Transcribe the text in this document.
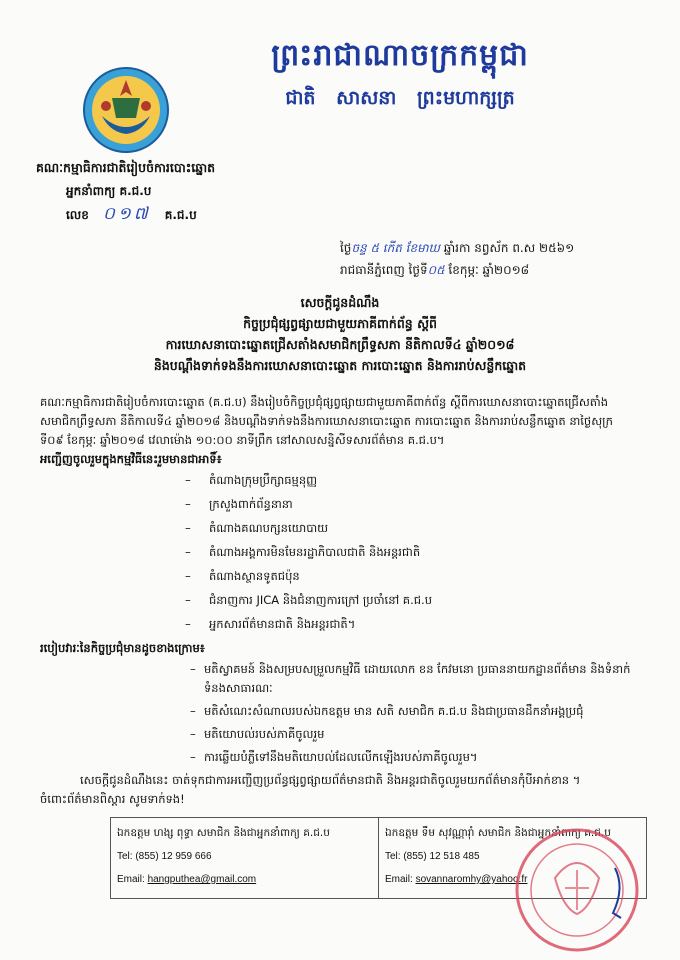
ព្រះរាជាណាចក្រកម្ពុជា
ជាតិ សាសនា ព្រះមហាក្សត្រ
គណៈកម្មាធិការជាតិរៀបចំការបោះឆ្នោត
អ្នកនាំពាក្យ គ.ជ.ប
លេខ ០១៧ គ.ជ.ប
ថ្ងៃចន្ទ ៥ កើត ខែមាឃ ឆ្នាំរកា នព្វស័ក ព.ស ២៥៦១
រាជធានីភ្នំពេញ ថ្ងៃទី០៥ ខែកុម្ភៈ ឆ្នាំ២០១៨
សេចក្ដីជូនដំណឹង
កិច្ចប្រជុំផ្សព្វផ្សាយជាមួយភាគីពាក់ព័ន្ធ ស្ដីពី
ការឃោសនាបោះឆ្នោតជ្រើសតាំងសមាជិកព្រឹទ្ធសភា នីតិកាលទី៤ ឆ្នាំ២០១៨
និងបណ្ដឹងទាក់ទងនឹងការឃោសនាបោះឆ្នោត ការបោះឆ្នោត និងការរាប់សន្លឹកឆ្នោត

គណៈកម្មាធិការជាតិរៀបចំការបោះឆ្នោត (គ.ជ.ប) នឹងរៀបចំកិច្ចប្រជុំផ្សព្វផ្សាយជាមួយភាគីពាក់ព័ន្ធ ស្ដីពីការឃោសនាបោះឆ្នោតជ្រើសតាំងសមាជិកព្រឹទ្ធសភា នីតិកាលទី៤ ឆ្នាំ២០១៨ និងបណ្ដឹងទាក់ទងនឹងការឃោសនាបោះឆ្នោត ការបោះឆ្នោត និងការរាប់សន្លឹកឆ្នោត នាថ្ងៃសុក្រ ទី០៩ ខែកុម្ភៈ ឆ្នាំ២០១៨ វេលាម៉ោង ១០:០០ នាទីព្រឹក នៅសាលសន្និសីទសារព័ត៌មាន គ.ជ.ប។

អញ្ជើញចូលរួមក្នុងកម្មវិធីនេះរួមមានជាអាទិ៍៖

– តំណាងក្រុមប្រឹក្សាធម្មនុញ្ញ
– ក្រសួងពាក់ព័ន្ធនានា
– តំណាងគណបក្សនយោបាយ
– តំណាងអង្គការមិនមែនរដ្ឋាភិបាលជាតិ និងអន្តរជាតិ
– តំណាងស្ថានទូតជប៉ុន
– ជំនាញការ JICA និងជំនាញការក្រៅ ប្រចាំនៅ គ.ជ.ប
– អ្នកសារព័ត៌មានជាតិ និងអន្តរជាតិ។

របៀបវារៈនៃកិច្ចប្រជុំមានដូចខាងក្រោម៖

– មតិស្វាគមន៍ និងសម្របសម្រួលកម្មវិធី ដោយលោក ខន កែវមនោ ប្រធាននាយកដ្ឋានព័ត៌មាន និងទំនាក់ទំនងសាធារណៈ
– មតិសំណេះសំណាលរបស់ឯកឧត្ដម មាន សតិ សមាជិក គ.ជ.ប និងជាប្រធានដឹកនាំអង្គប្រជុំ
– មតិយោបល់របស់ភាគីចូលរួម
– ការឆ្លើយបំភ្លឺទៅនឹងមតិយោបល់ដែលលើកឡើងរបស់ភាគីចូលរួម។

សេចក្ដីជូនដំណឹងនេះ ចាត់ទុកជាការអញ្ជើញប្រព័ន្ធផ្សព្វផ្សាយព័ត៌មានជាតិ និងអន្តរជាតិចូលរួមយកព័ត៌មានកុំបីអាក់ខាន ។

ចំពោះព័ត៌មានពិស្ដារ សូមទាក់ទង!

ឯកឧត្ដម ហង្ស ពុទ្ធា សមាជិក និងជាអ្នកនាំពាក្យ គ.ជ.ប
Tel: (855) 12 959 666
Email: hangputhea@gmail.com
ឯកឧត្ដម ទឹម សុវណ្ណារ៉ាំ សមាជិក និងជាអ្នកនាំពាក្យ គ.ជ.ប
Tel: (855) 12 518 485
Email: sovannaromhy@yahoo.fr
